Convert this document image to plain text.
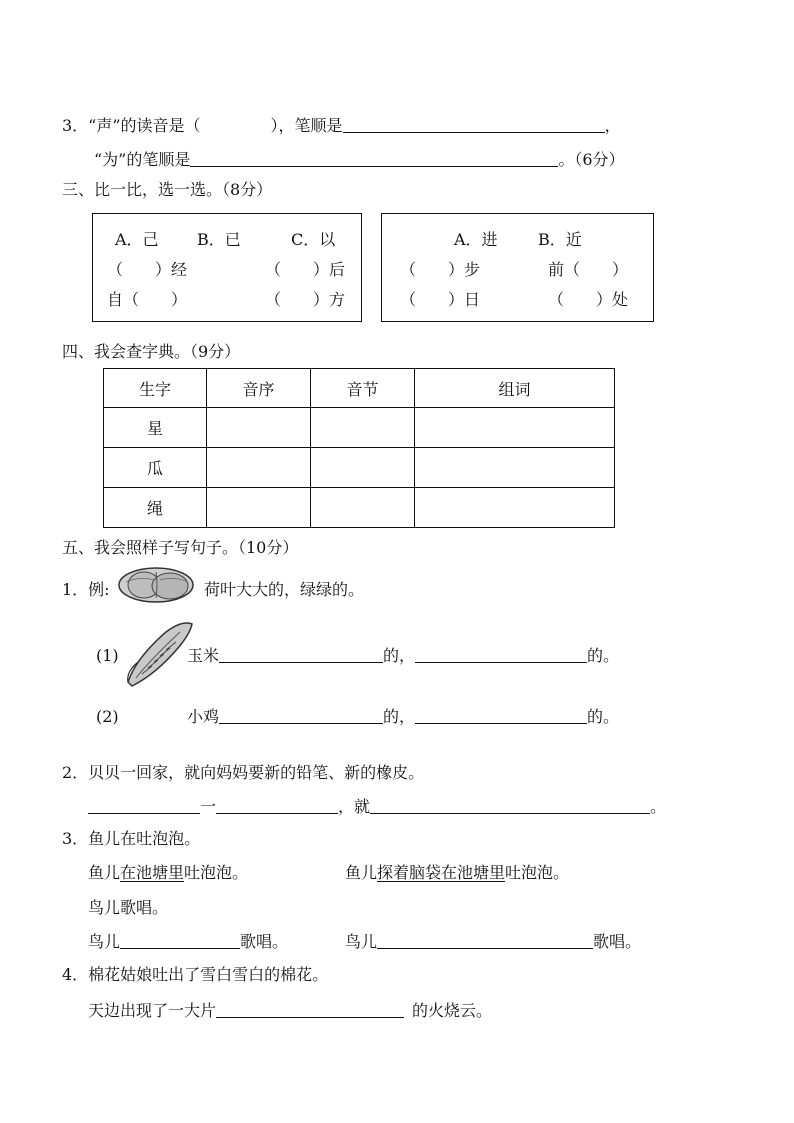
3．“声”的读音是（	），笔顺是	，
“为”的笔顺是	。（6分）
三、比一比，选一选。（8分）
A．己 B．已	C．以
（　　）经	（　　）后
自（　　）	（　　）方
A．进	B．近
（　　）步	前（　　）
（　　）日	（　　）处
四、我会查字典。（9分）
生字	音序	音节	组词
星			
瓜			
绳			
五、我会照样子写句子。（10分）
1．例:	荷叶大大的，绿绿的。
(1)	玉米	的，	的。
(2)	小鸡	的，	的。
2．贝贝一回家，就向妈妈要新的铅笔、新的橡皮。
一	，就	。
3．鱼儿在吐泡泡。
鱼儿在池塘里吐泡泡。	鱼儿探着脑袋在池塘里吐泡泡。
鸟儿歌唱。
鸟儿	歌唱。	鸟儿	歌唱。
4．棉花姑娘吐出了雪白雪白的棉花。
天边出现了一大片	的火烧云。
